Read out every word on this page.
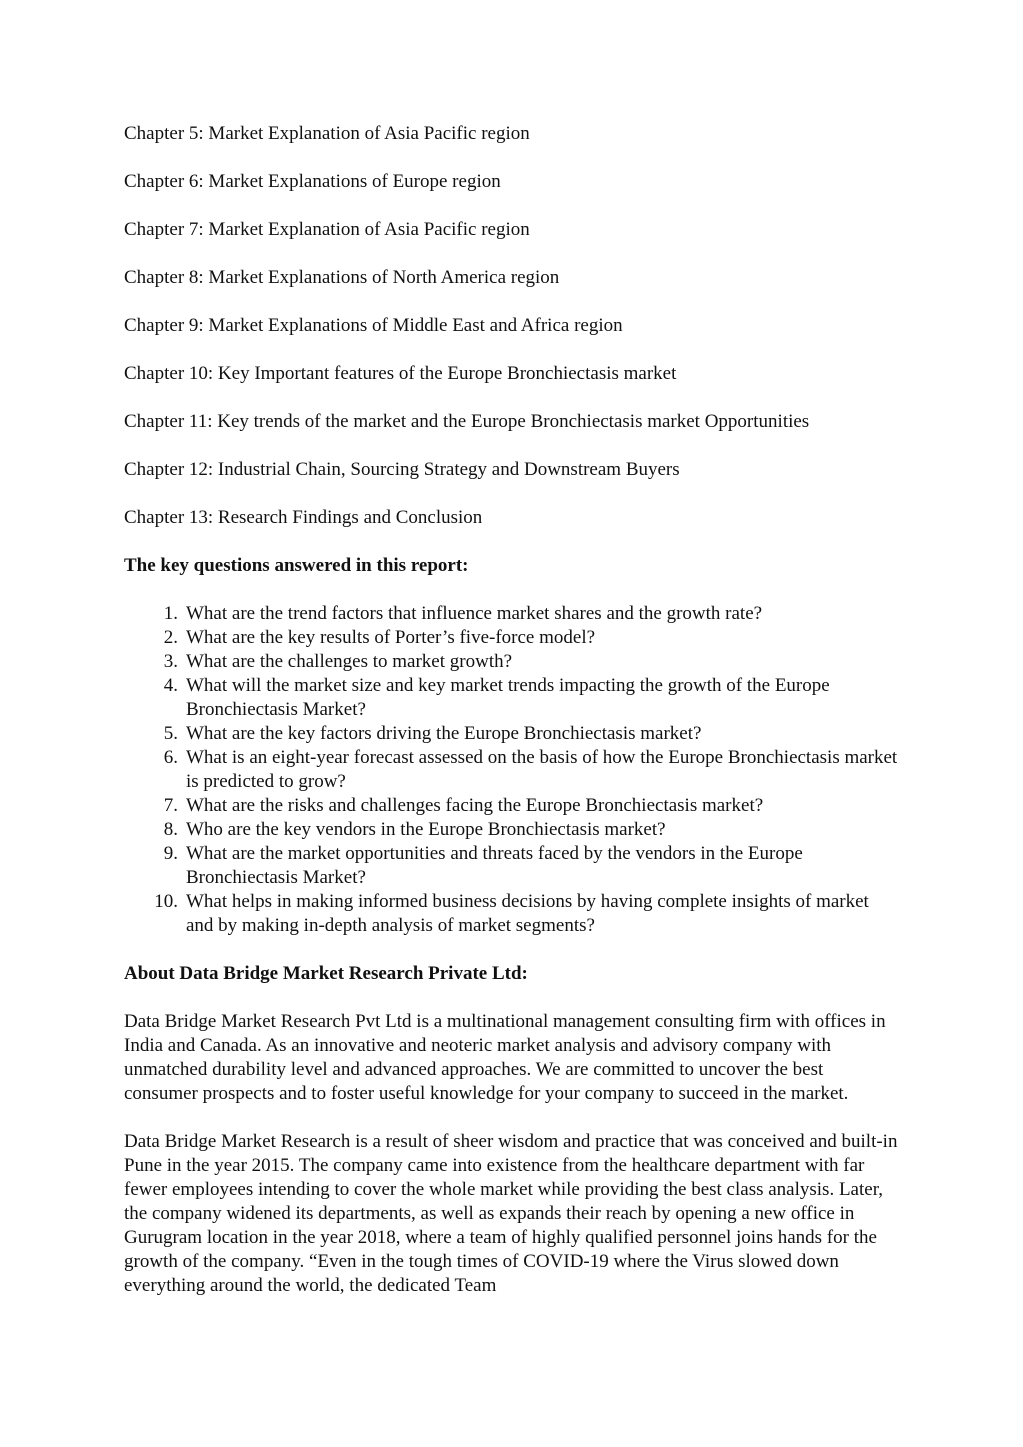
Chapter 5: Market Explanation of Asia Pacific region
Chapter 6: Market Explanations of Europe region
Chapter 7: Market Explanation of Asia Pacific region
Chapter 8: Market Explanations of North America region
Chapter 9: Market Explanations of Middle East and Africa region
Chapter 10: Key Important features of the Europe Bronchiectasis market
Chapter 11: Key trends of the market and the Europe Bronchiectasis market Opportunities
Chapter 12: Industrial Chain, Sourcing Strategy and Downstream Buyers
Chapter 13: Research Findings and Conclusion
The key questions answered in this report:
1. What are the trend factors that influence market shares and the growth rate?
2. What are the key results of Porter’s five-force model?
3. What are the challenges to market growth?
4. What will the market size and key market trends impacting the growth of the Europe Bronchiectasis Market?
5. What are the key factors driving the Europe Bronchiectasis market?
6. What is an eight-year forecast assessed on the basis of how the Europe Bronchiectasis market is predicted to grow?
7. What are the risks and challenges facing the Europe Bronchiectasis market?
8. Who are the key vendors in the Europe Bronchiectasis market?
9. What are the market opportunities and threats faced by the vendors in the Europe Bronchiectasis Market?
10. What helps in making informed business decisions by having complete insights of market and by making in-depth analysis of market segments?
About Data Bridge Market Research Private Ltd:

Data Bridge Market Research Pvt Ltd is a multinational management consulting firm with offices in India and Canada. As an innovative and neoteric market analysis and advisory company with unmatched durability level and advanced approaches. We are committed to uncover the best consumer prospects and to foster useful knowledge for your company to succeed in the market.

Data Bridge Market Research is a result of sheer wisdom and practice that was conceived and built-in Pune in the year 2015. The company came into existence from the healthcare department with far fewer employees intending to cover the whole market while providing the best class analysis. Later, the company widened its departments, as well as expands their reach by opening a new office in Gurugram location in the year 2018, where a team of highly qualified personnel joins hands for the growth of the company. “Even in the tough times of COVID-19 where the Virus slowed down everything around the world, the dedicated Team
